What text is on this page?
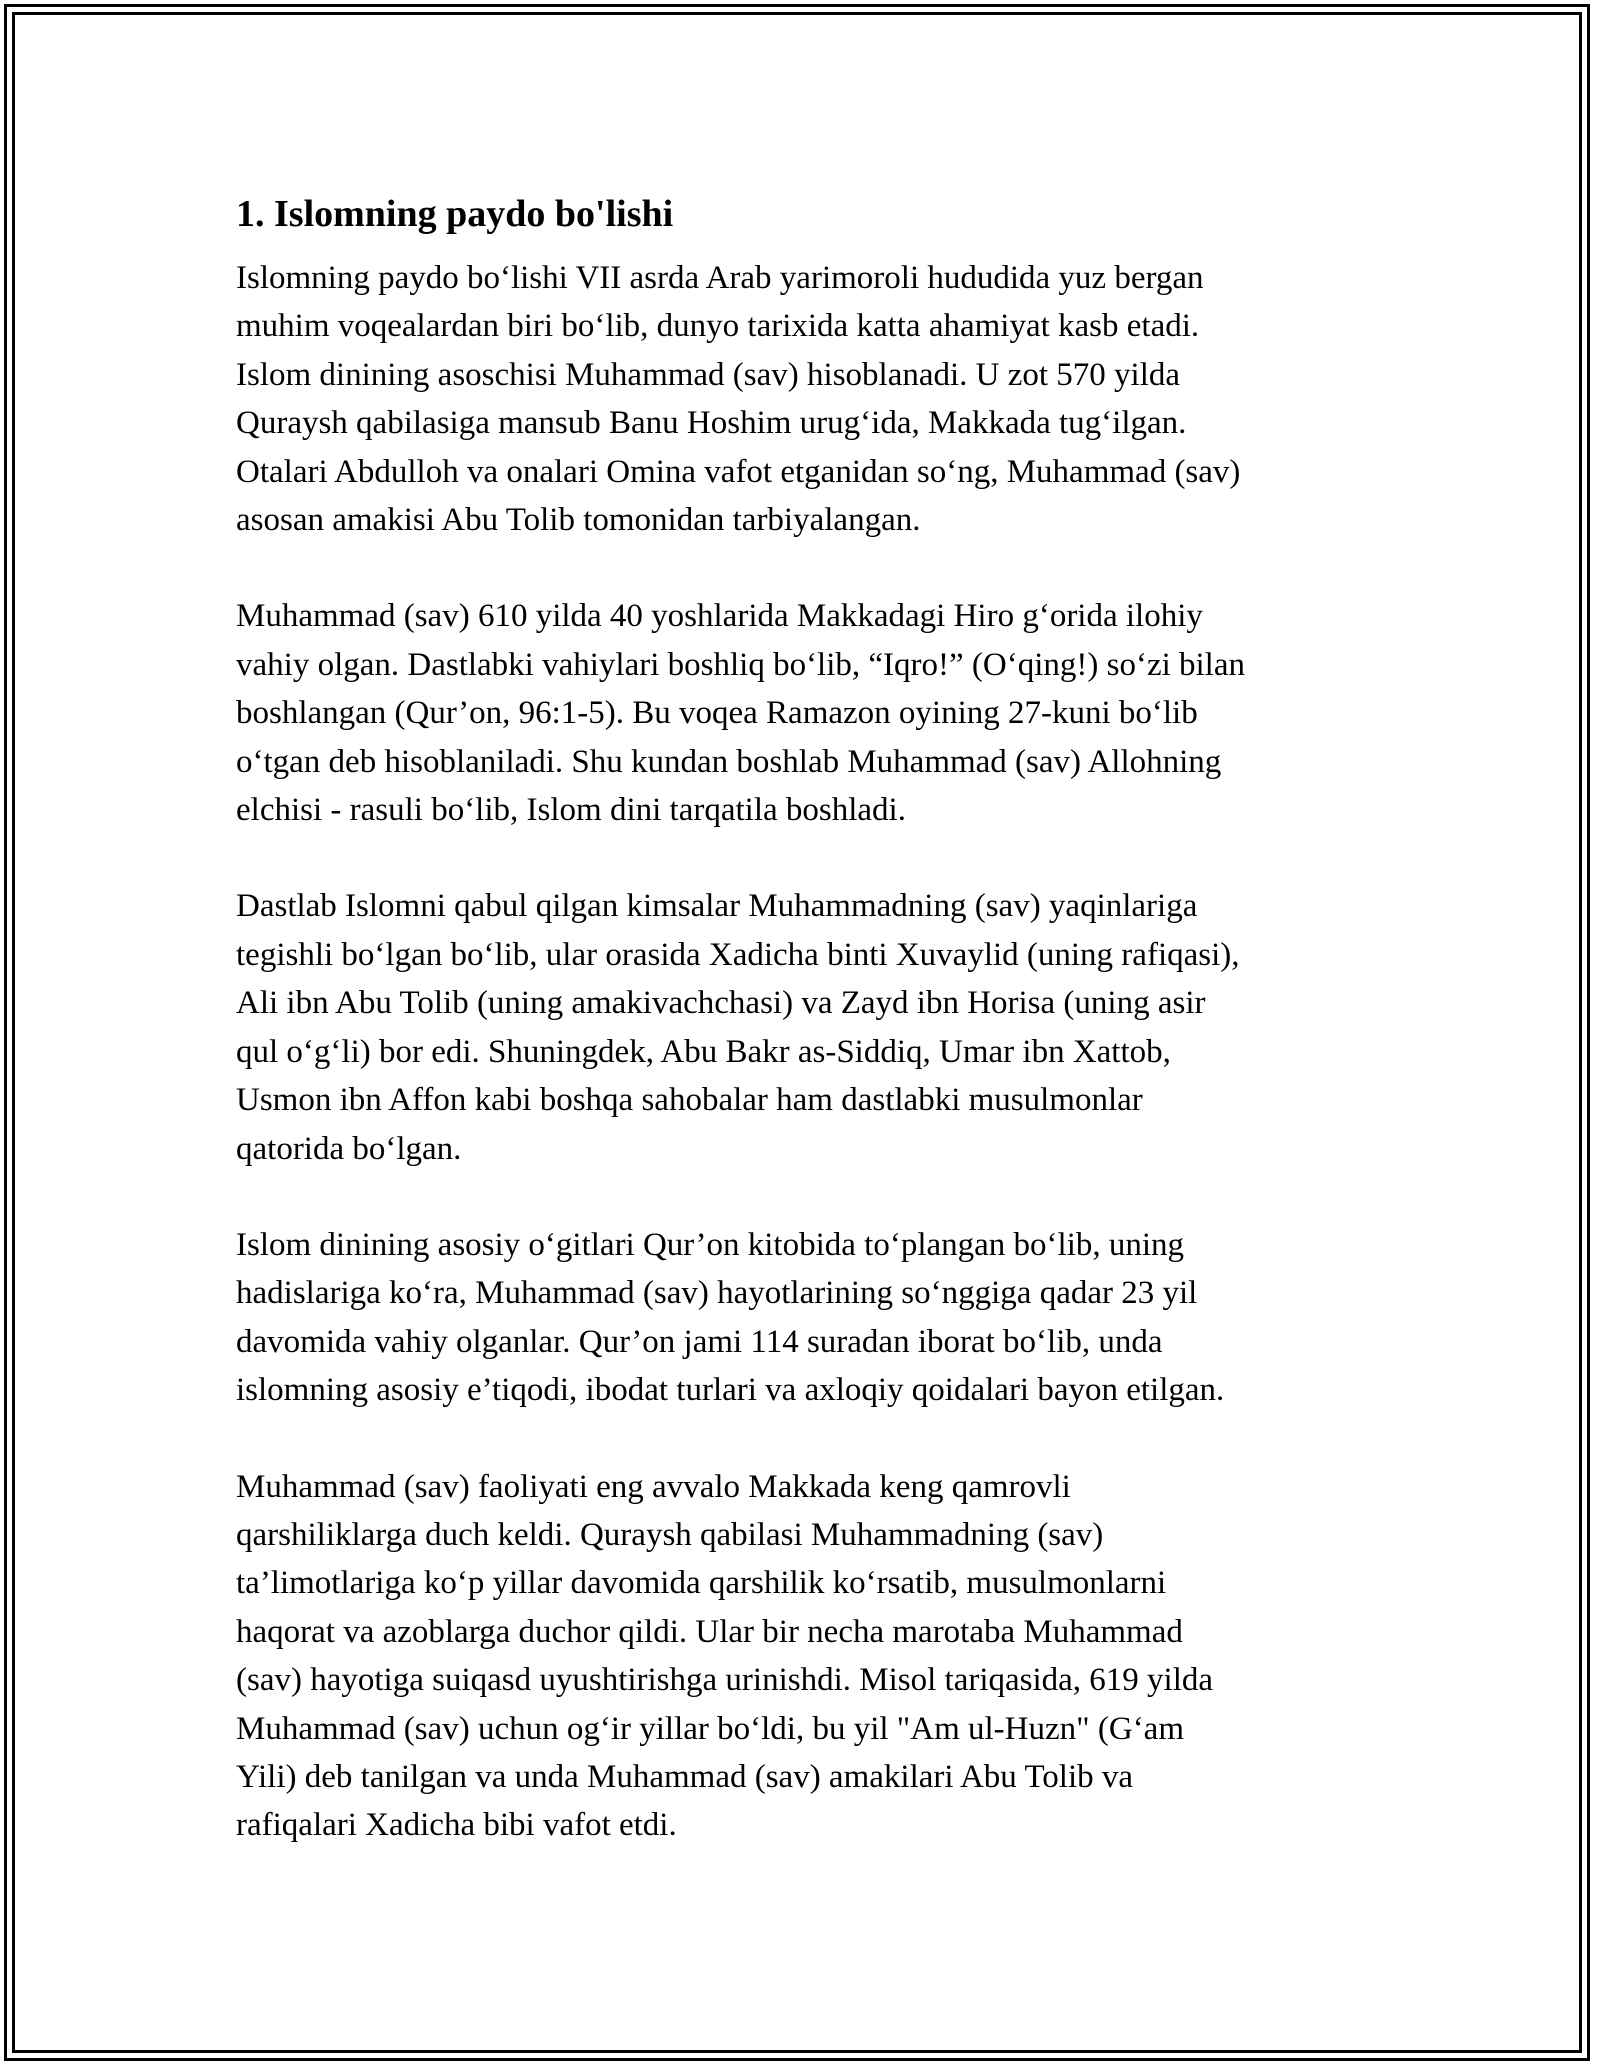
1. Islomning paydo bo'lishi

Islomning paydo boʻlishi VII asrda Arab yarimoroli hududida yuz bergan
muhim voqealardan biri boʻlib, dunyo tarixida katta ahamiyat kasb etadi.
Islom dinining asoschisi Muhammad (sav) hisoblanadi. U zot 570 yilda
Quraysh qabilasiga mansub Banu Hoshim urugʻida, Makkada tugʻilgan.
Otalari Abdulloh va onalari Omina vafot etganidan soʻng, Muhammad (sav)
asosan amakisi Abu Tolib tomonidan tarbiyalangan.

Muhammad (sav) 610 yilda 40 yoshlarida Makkadagi Hiro gʻorida ilohiy
vahiy olgan. Dastlabki vahiylari boshliq boʻlib, “Iqro!” (Oʻqing!) soʻzi bilan
boshlangan (Qur’on, 96:1-5). Bu voqea Ramazon oyining 27-kuni boʻlib
oʻtgan deb hisoblaniladi. Shu kundan boshlab Muhammad (sav) Allohning
elchisi - rasuli boʻlib, Islom dini tarqatila boshladi.

Dastlab Islomni qabul qilgan kimsalar Muhammadning (sav) yaqinlariga
tegishli boʻlgan boʻlib, ular orasida Xadicha binti Xuvaylid (uning rafiqasi),
Ali ibn Abu Tolib (uning amakivachchasi) va Zayd ibn Horisa (uning asir
qul oʻgʻli) bor edi. Shuningdek, Abu Bakr as-Siddiq, Umar ibn Xattob,
Usmon ibn Affon kabi boshqa sahobalar ham dastlabki musulmonlar
qatorida boʻlgan.

Islom dinining asosiy oʻgitlari Qur’on kitobida toʻplangan boʻlib, uning
hadislariga koʻra, Muhammad (sav) hayotlarining soʻnggiga qadar 23 yil
davomida vahiy olganlar. Qur’on jami 114 suradan iborat boʻlib, unda
islomning asosiy e’tiqodi, ibodat turlari va axloqiy qoidalari bayon etilgan.

Muhammad (sav) faoliyati eng avvalo Makkada keng qamrovli
qarshiliklarga duch keldi. Quraysh qabilasi Muhammadning (sav)
ta’limotlariga koʻp yillar davomida qarshilik koʻrsatib, musulmonlarni
haqorat va azoblarga duchor qildi. Ular bir necha marotaba Muhammad
(sav) hayotiga suiqasd uyushtirishga urinishdi. Misol tariqasida, 619 yilda
Muhammad (sav) uchun ogʻir yillar boʻldi, bu yil "Am ul-Huzn" (Gʻam
Yili) deb tanilgan va unda Muhammad (sav) amakilari Abu Tolib va
rafiqalari Xadicha bibi vafot etdi.
